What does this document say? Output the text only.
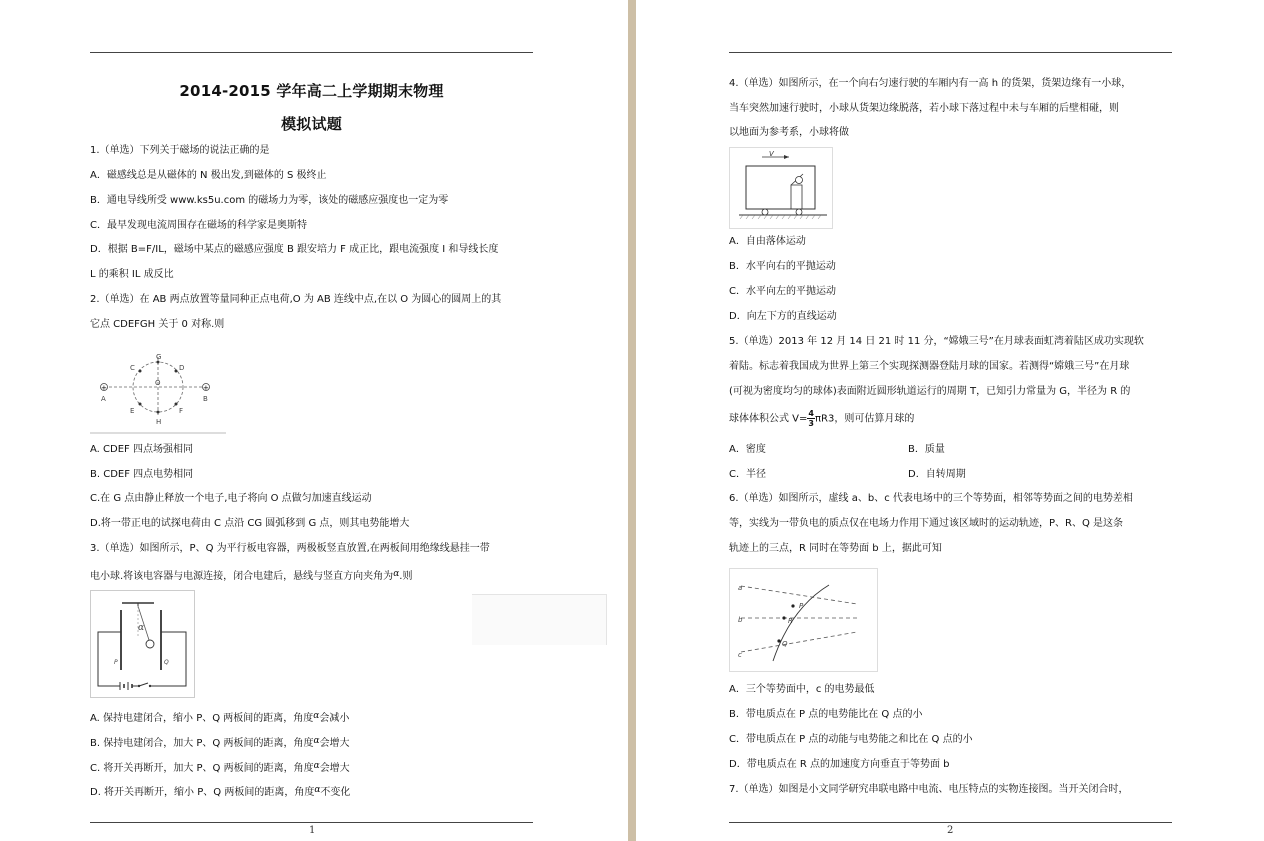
2014-2015 学年高二上学期期末物理
模拟试题
1.（单选）下列关于磁场的说法正确的是
A．磁感线总是从磁体的 N 极出发,到磁体的 S 极终止
B．通电导线所受 www.ks5u.com 的磁场力为零，该处的磁感应强度也一定为零
C．最早发现电流周围存在磁场的科学家是奥斯特
D．根据 B=F/IL，磁场中某点的磁感应强度 B 跟安培力 F 成正比，跟电流强度 I 和导线长度
L 的乘积 IL 成反比
2.（单选）在 AB 两点放置等量同种正点电荷,O 为 AB 连线中点,在以 O 为圆心的圆周上的其
它点 CDEFGH 关于 0 对称.则
+	+
A	B
C	D
E	F
G
H
O
A. CDEF 四点场强相同
B. CDEF 四点电势相同
C.在 G 点由静止释放一个电子,电子将向 O 点做匀加速直线运动
D.将一带正电的试探电荷由 C 点沿 CG 圆弧移到 G 点，则其电势能增大
3.（单选）如图所示，P、Q 为平行板电容器，两极板竖直放置,在两板间用绝缘线悬挂一带
电小球.将该电容器与电源连接，闭合电建后，悬线与竖直方向夹角为α.则
α
P	Q
A. 保持电建闭合，缩小 P、Q 两板间的距离，角度α会减小
B. 保持电建闭合，加大 P、Q 两板间的距离，角度α会增大
C. 将开关再断开，加大 P、Q 两板间的距离，角度α会增大
D. 将开关再断开，缩小 P、Q 两板间的距离，角度α不变化
1
4.（单选）如图所示，在一个向右匀速行驶的车厢内有一高 h 的货架，货架边缘有一小球，
当车突然加速行驶时，小球从货架边缘脱落，若小球下落过程中未与车厢的后壁相碰，则
以地面为参考系，小球将做
V
A．自由落体运动
B．水平向右的平抛运动
C．水平向左的平抛运动
D．向左下方的直线运动
5.（单选）2013 年 12 月 14 日 21 时 11 分，“嫦娥三号”在月球表面虹湾着陆区成功实现软
着陆。标志着我国成为世界上第三个实现探测器登陆月球的国家。若测得“嫦娥三号”在月球
(可视为密度均匀的球体)表面附近圆形轨道运行的周期 T，已知引力常量为 G，半径为 R 的
球体体积公式 $V= \frac{4}{3} \pi R3$，则可估算月球的
A．密度	B．质量
C．半径	D．自转周期
6.（单选）如图所示，虚线 a、b、c 代表电场中的三个等势面，相邻等势面之间的电势差相
等，实线为一带负电的质点仅在电场力作用下通过该区域时的运动轨迹，P、R、Q 是这条
轨迹上的三点，R 同时在等势面 b 上，据此可知
a
b
c
P
R
Q
A．三个等势面中，c 的电势最低
B．带电质点在 P 点的电势能比在 Q 点的小
C．带电质点在 P 点的动能与电势能之和比在 Q 点的小
D．带电质点在 R 点的加速度方向垂直于等势面 b
7.（单选）如图是小文同学研究串联电路中电流、电压特点的实物连接图。当开关闭合时，
2
